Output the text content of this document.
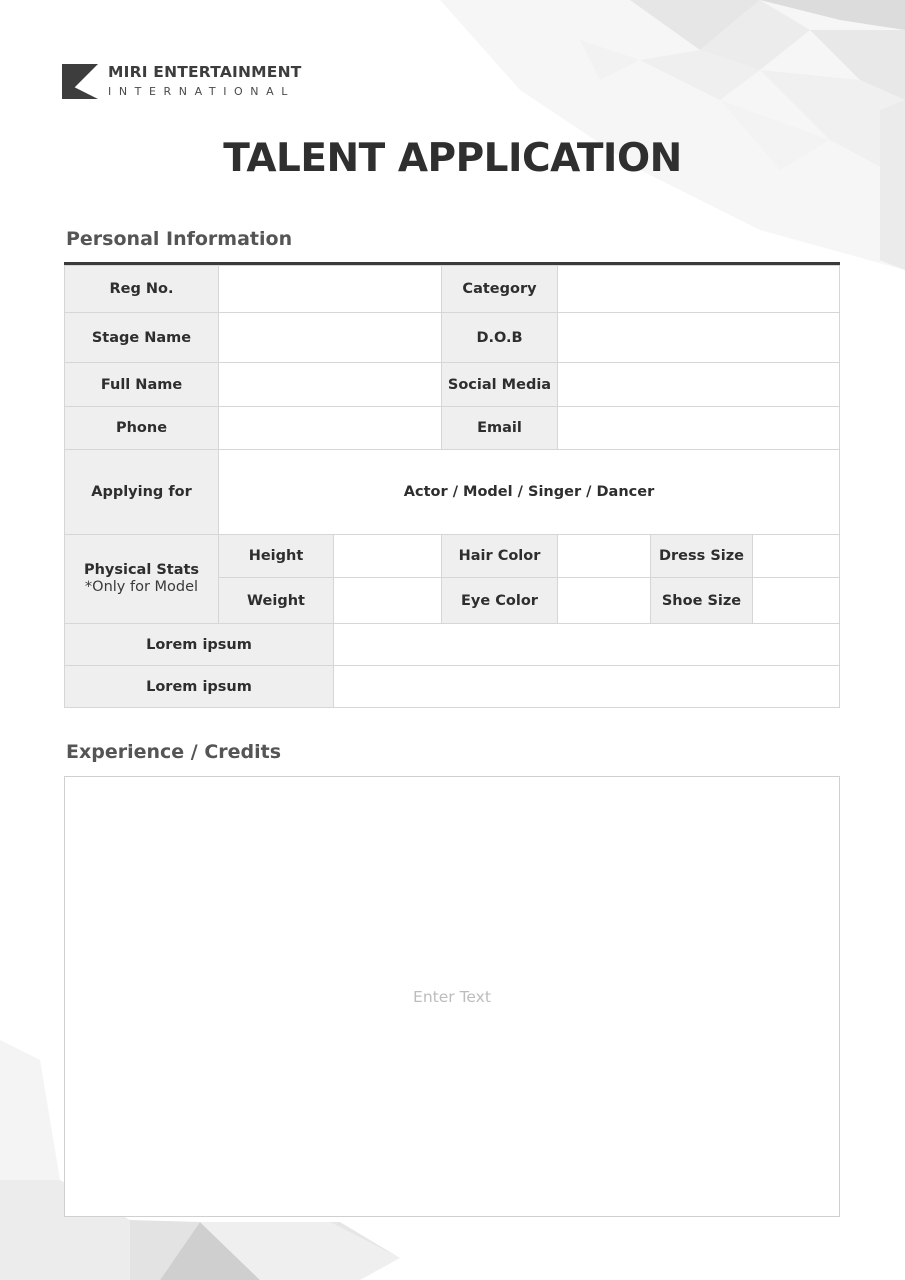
MIRI ENTERTAINMENT
INTERNATIONAL
TALENT APPLICATION
Personal Information
Reg No.	Category
Stage Name	D.O.B
Full Name	Social Media
Phone	Email
Applying for	Actor / Model / Singer / Dancer
Physical Stats
*Only for Model
Height	Hair Color	Dress Size
Weight	Eye Color	Shoe Size
Lorem ipsum
Lorem ipsum
Experience / Credits
Enter Text
